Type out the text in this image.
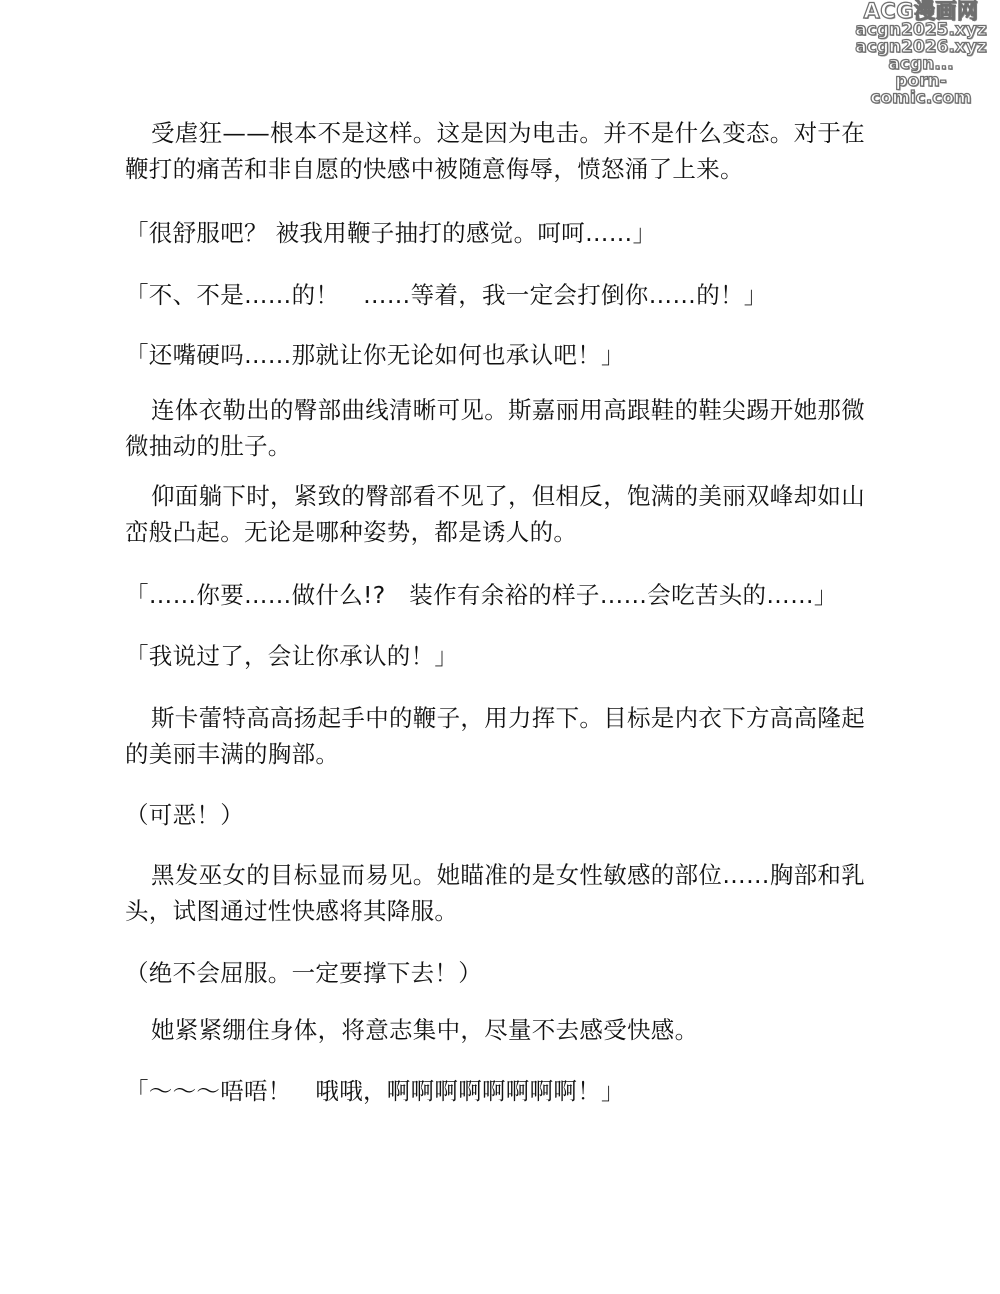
ACG漫画网
acgn2025.xyz
acgn2026.xyz
acgn...
porn-comic.com

受虐狂——根本不是这样。这是因为电击。并不是什么变态。对于在鞭打的痛苦和非自愿的快感中被随意侮辱，愤怒涌了上来。

「很舒服吧？ 被我用鞭子抽打的感觉。呵呵……」

「不、不是……的！　……等着，我一定会打倒你……的！」

「还嘴硬吗……那就让你无论如何也承认吧！」

连体衣勒出的臀部曲线清晰可见。斯嘉丽用高跟鞋的鞋尖踢开她那微微抽动的肚子。

仰面躺下时，紧致的臀部看不见了，但相反，饱满的美丽双峰却如山峦般凸起。无论是哪种姿势，都是诱人的。

「……你要……做什么!?　装作有余裕的样子……会吃苦头的……」

「我说过了，会让你承认的！」

斯卡蕾特高高扬起手中的鞭子，用力挥下。目标是内衣下方高高隆起的美丽丰满的胸部。

（可恶！）

黑发巫女的目标显而易见。她瞄准的是女性敏感的部位……胸部和乳头，试图通过性快感将其降服。

（绝不会屈服。一定要撑下去！）

她紧紧绷住身体，将意志集中，尽量不去感受快感。

「～～～唔唔！　哦哦，啊啊啊啊啊啊啊啊！」
